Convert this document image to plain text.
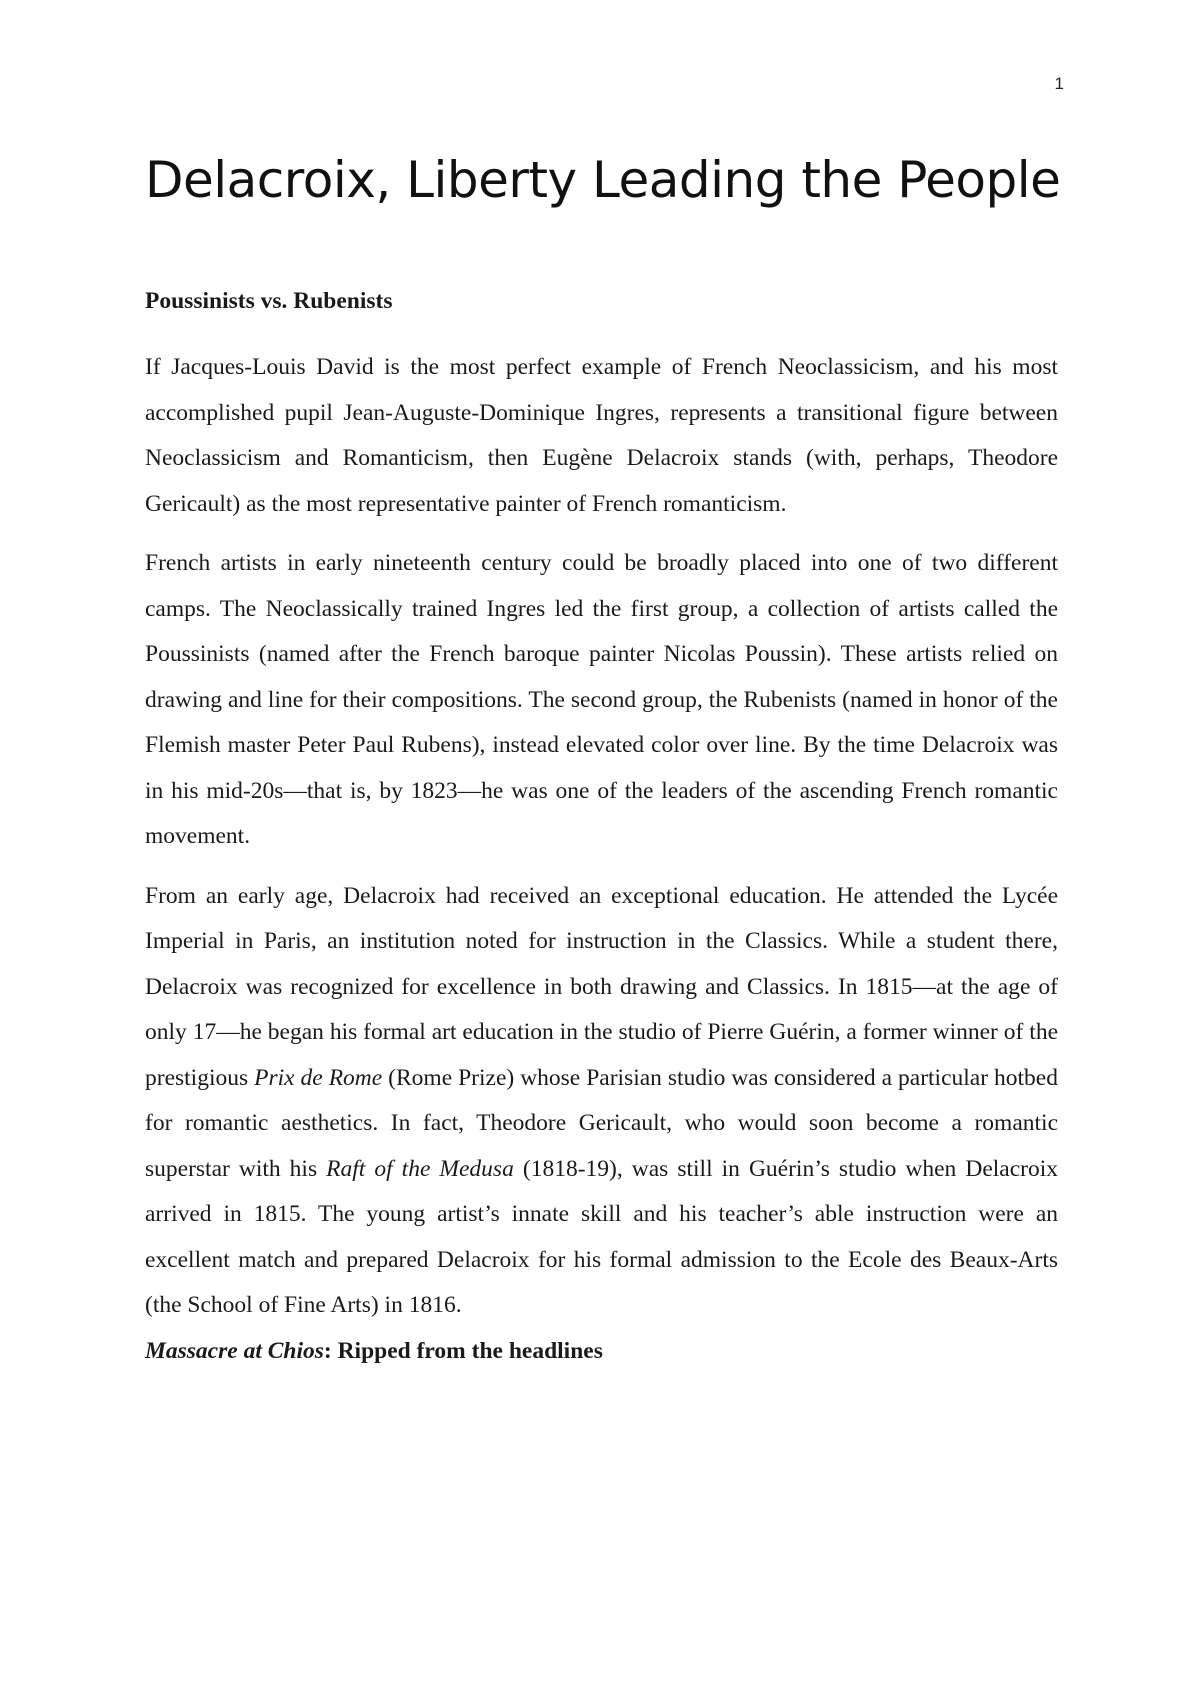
1
Delacroix, Liberty Leading the People
Poussinists vs. Rubenists

If Jacques-Louis David is the most perfect example of French Neoclassicism, and his most accomplished pupil Jean-Auguste-Dominique Ingres, represents a transitional figure between Neoclassicism and Romanticism, then Eugène Delacroix stands (with, perhaps, Theodore Gericault) as the most representative painter of French romanticism.

French artists in early nineteenth century could be broadly placed into one of two different camps. The Neoclassically trained Ingres led the first group, a collection of artists called the Poussinists (named after the French baroque painter Nicolas Poussin). These artists relied on drawing and line for their compositions. The second group, the Rubenists (named in honor of the Flemish master Peter Paul Rubens), instead elevated color over line. By the time Delacroix was in his mid-20s—that is, by 1823—he was one of the leaders of the ascending French romantic movement.

From an early age, Delacroix had received an exceptional education. He attended the Lycée Imperial in Paris, an institution noted for instruction in the Classics. While a student there, Delacroix was recognized for excellence in both drawing and Classics. In 1815—at the age of only 17—he began his formal art education in the studio of Pierre Guérin, a former winner of the prestigious Prix de Rome (Rome Prize) whose Parisian studio was considered a particular hotbed for romantic aesthetics. In fact, Theodore Gericault, who would soon become a romantic superstar with his Raft of the Medusa (1818-19), was still in Guérin’s studio when Delacroix arrived in 1815. The young artist’s innate skill and his teacher’s able instruction were an excellent match and prepared Delacroix for his formal admission to the Ecole des Beaux-Arts (the School of Fine Arts) in 1816.

Massacre at Chios: Ripped from the headlines
